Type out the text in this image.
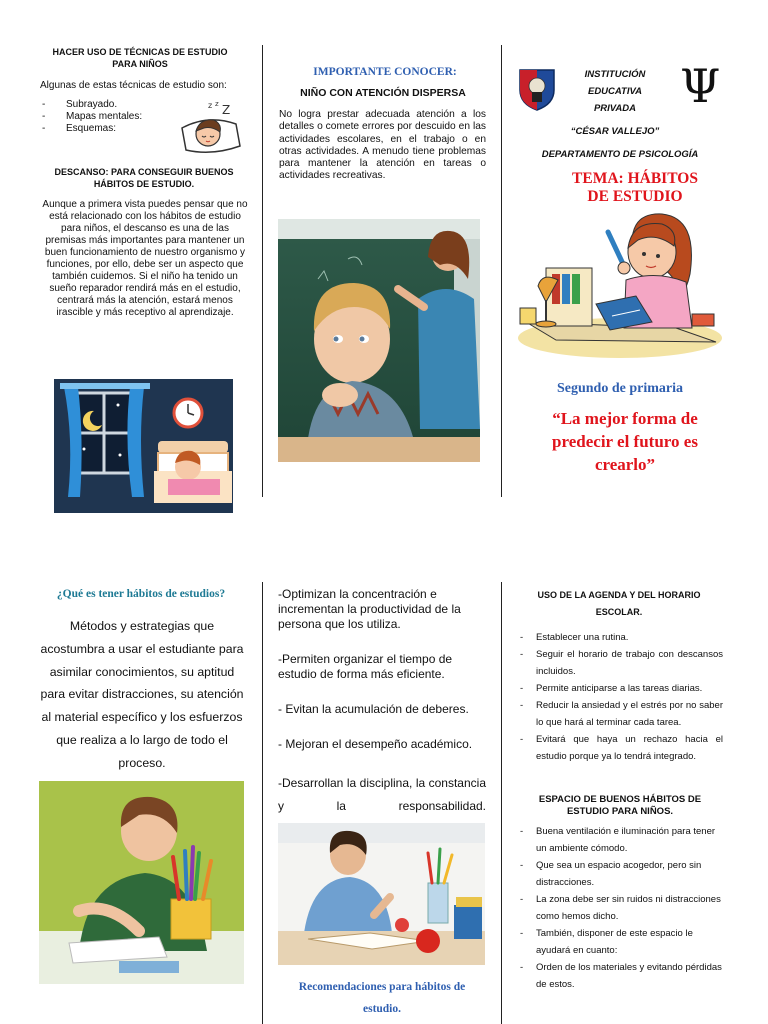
HACER USO DE TÉCNICAS DE ESTUDIO PARA NIÑOS
Algunas de estas técnicas de estudio son:
- Subrayado.
- Mapas mentales:
- Esquemas:
z z Z
DESCANSO: PARA CONSEGUIR BUENOS HÁBITOS DE ESTUDIO.
Aunque a primera vista puedes pensar que no está relacionado con los hábitos de estudio para niños, el descanso es una de las premisas más importantes para mantener un buen funcionamiento de nuestro organismo y funciones, por ello, debe ser un aspecto que también cuidemos. Si el niño ha tenido un sueño reparador rendirá más en el estudio, centrará más la atención, estará menos irascible y más receptivo al aprendizaje.
IMPORTANTE CONOCER:
NIÑO CON ATENCIÓN DISPERSA
No logra prestar adecuada atención a los detalles o comete errores por descuido en las actividades escolares, en el trabajo o en otras actividades. A menudo tiene problemas para mantener la atención en tareas o actividades recreativas.
INSTITUCIÓN
EDUCATIVA
PRIVADA Ψ
“CÉSAR VALLEJO”
DEPARTAMENTO DE PSICOLOGÍA
TEMA: HÁBITOS DE ESTUDIO
Segundo de primaria
“La mejor forma de predecir el futuro es crearlo”
¿Qué es tener hábitos de estudios?
Métodos y estrategias que acostumbra a usar el estudiante para asimilar conocimientos, su aptitud para evitar distracciones, su atención al material específico y los esfuerzos que realiza a lo largo de todo el proceso.
-Optimizan la concentración e incrementan la productividad de la persona que los utiliza.
-Permiten organizar el tiempo de estudio de forma más eficiente.
- Evitan la acumulación de deberes.
- Mejoran el desempeño académico.
-Desarrollan la disciplina, la constancia y la responsabilidad.
Recomendaciones para hábitos de estudio.
USO DE LA AGENDA Y DEL HORARIO ESCOLAR.
- Establecer una rutina.
- Seguir el horario de trabajo con descansos incluidos.
- Permite anticiparse a las tareas diarias.
- Reducir la ansiedad y el estrés por no saber lo que hará al terminar cada tarea.
- Evitará que haya un rechazo hacia el estudio porque ya lo tendrá integrado.
ESPACIO DE BUENOS HÁBITOS DE ESTUDIO PARA NIÑOS.
- Buena ventilación e iluminación para tener un ambiente cómodo.
- Que sea un espacio acogedor, pero sin distracciones.
- La zona debe ser sin ruidos ni distracciones como hemos dicho.
- También, disponer de este espacio le ayudará en cuanto:
- Orden de los materiales y evitando pérdidas de estos.
